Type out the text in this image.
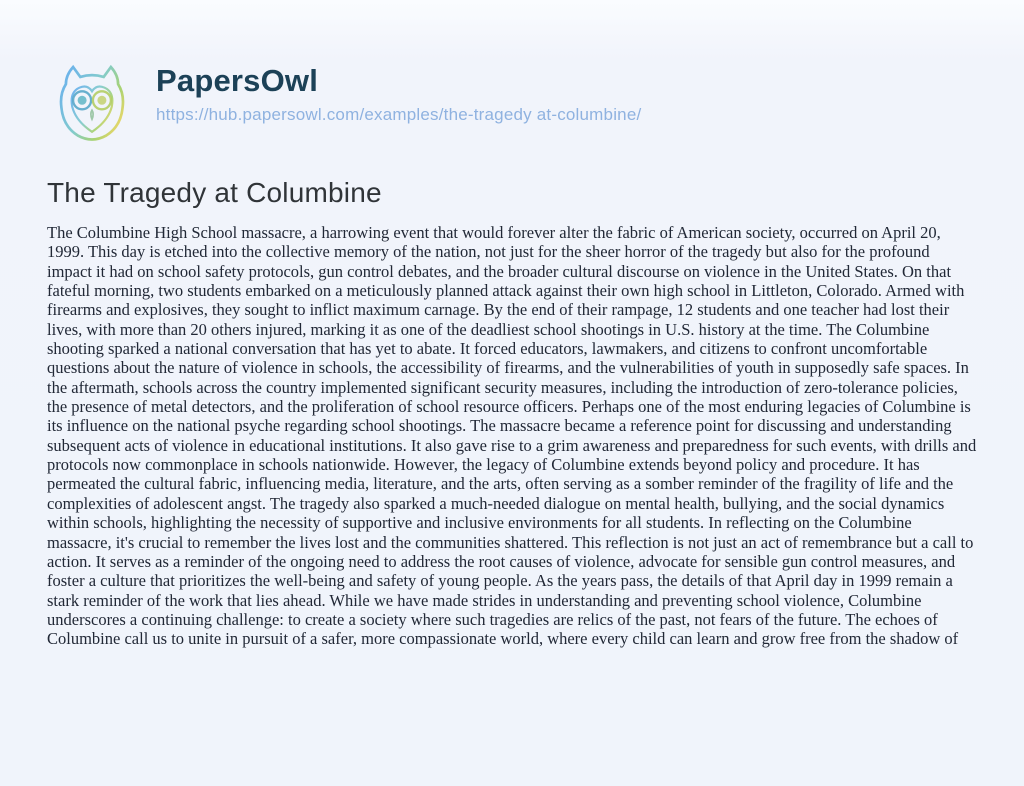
PapersOwl
https://hub.papersowl.com/examples/the-tragedy at-columbine/
The Tragedy at Columbine

The Columbine High School massacre, a harrowing event that would forever alter the fabric of American society, occurred on April 20, 1999. This day is etched into the collective memory of the nation, not just for the sheer horror of the tragedy but also for the profound impact it had on school safety protocols, gun control debates, and the broader cultural discourse on violence in the United States. On that fateful morning, two students embarked on a meticulously planned attack against their own high school in Littleton, Colorado. Armed with firearms and explosives, they sought to inflict maximum carnage. By the end of their rampage, 12 students and one teacher had lost their lives, with more than 20 others injured, marking it as one of the deadliest school shootings in U.S. history at the time. The Columbine shooting sparked a national conversation that has yet to abate. It forced educators, lawmakers, and citizens to confront uncomfortable questions about the nature of violence in schools, the accessibility of firearms, and the vulnerabilities of youth in supposedly safe spaces. In the aftermath, schools across the country implemented significant security measures, including the introduction of zero-tolerance policies, the presence of metal detectors, and the proliferation of school resource officers. Perhaps one of the most enduring legacies of Columbine is its influence on the national psyche regarding school shootings. The massacre became a reference point for discussing and understanding subsequent acts of violence in educational institutions. It also gave rise to a grim awareness and preparedness for such events, with drills and protocols now commonplace in schools nationwide. However, the legacy of Columbine extends beyond policy and procedure. It has permeated the cultural fabric, influencing media, literature, and the arts, often serving as a somber reminder of the fragility of life and the complexities of adolescent angst. The tragedy also sparked a much-needed dialogue on mental health, bullying, and the social dynamics within schools, highlighting the necessity of supportive and inclusive environments for all students. In reflecting on the Columbine massacre, it's crucial to remember the lives lost and the communities shattered. This reflection is not just an act of remembrance but a call to action. It serves as a reminder of the ongoing need to address the root causes of violence, advocate for sensible gun control measures, and foster a culture that prioritizes the well-being and safety of young people. As the years pass, the details of that April day in 1999 remain a stark reminder of the work that lies ahead. While we have made strides in understanding and preventing school violence, Columbine underscores a continuing challenge: to create a society where such tragedies are relics of the past, not fears of the future. The echoes of Columbine call us to unite in pursuit of a safer, more compassionate world, where every child can learn and grow free from the shadow of
